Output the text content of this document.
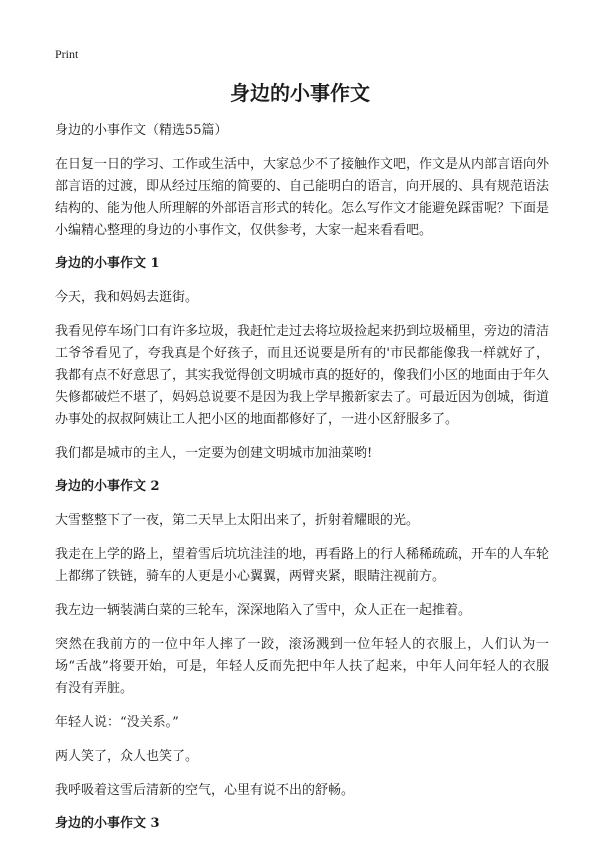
Print
身边的小事作文

身边的小事作文（精选55篇）

在日复一日的学习、工作或生活中，大家总少不了接触作文吧，作文是从内部言语向外部言语的过渡，即从经过压缩的简要的、自己能明白的语言，向开展的、具有规范语法结构的、能为他人所理解的外部语言形式的转化。怎么写作文才能避免踩雷呢？下面是小编精心整理的身边的小事作文，仅供参考，大家一起来看看吧。

身边的小事作文 1

今天，我和妈妈去逛街。

我看见停车场门口有许多垃圾，我赶忙走过去将垃圾捡起来扔到垃圾桶里，旁边的清洁工爷爷看见了，夸我真是个好孩子，而且还说要是所有的'市民都能像我一样就好了，我都有点不好意思了，其实我觉得创文明城市真的挺好的，像我们小区的地面由于年久失修都破烂不堪了，妈妈总说要不是因为我上学早搬新家去了。可最近因为创城，街道办事处的叔叔阿姨让工人把小区的地面都修好了，一进小区舒服多了。

我们都是城市的主人，一定要为创建文明城市加油菜哟!

身边的小事作文 2

大雪整整下了一夜，第二天早上太阳出来了，折射着耀眼的光。

我走在上学的路上，望着雪后坑坑洼洼的地，再看路上的行人稀稀疏疏，开车的人车轮上都绑了铁链，骑车的人更是小心翼翼，两臂夹紧，眼睛注视前方。

我左边一辆装满白菜的三轮车，深深地陷入了雪中，众人正在一起推着。

突然在我前方的一位中年人摔了一跤，滚汤溅到一位年轻人的衣服上，人们认为一场“舌战”将要开始，可是，年轻人反而先把中年人扶了起来，中年人问年轻人的衣服有没有弄脏。

年轻人说：“没关系。”

两人笑了，众人也笑了。

我呼吸着这雪后清新的空气，心里有说不出的舒畅。

身边的小事作文 3
